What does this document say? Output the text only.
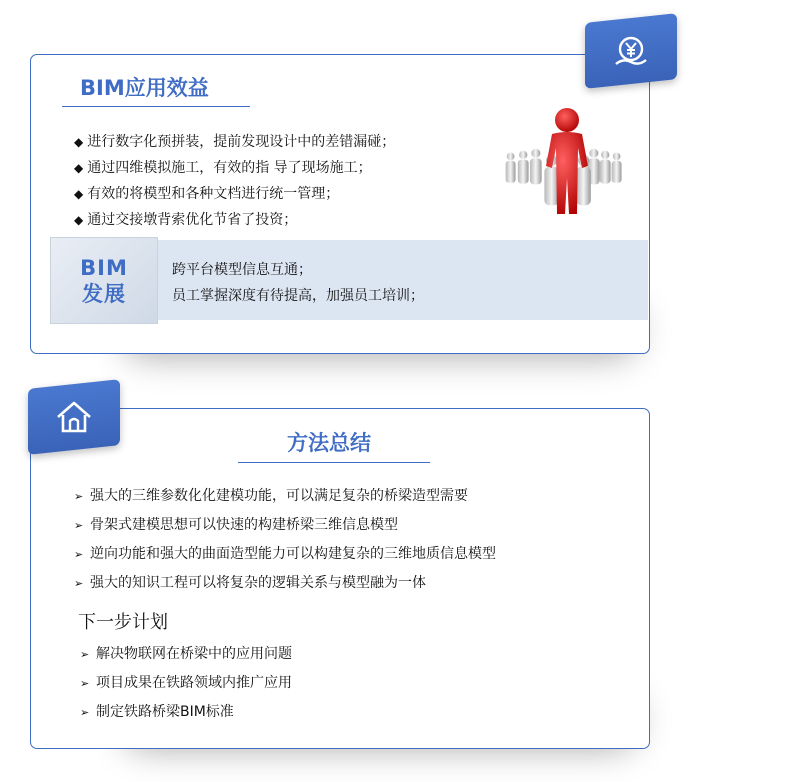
BIM应用效益
◆ 进行数字化预拼装，提前发现设计中的差错漏碰；
◆ 通过四维模拟施工，有效的指 导了现场施工；
◆ 有效的将模型和各种文档进行统一管理；
◆ 通过交接墩背索优化节省了投资；
BIM
发展
跨平台模型信息互通；
员工掌握深度有待提高，加强员工培训；
方法总结
➢ 强大的三维参数化化建模功能，可以满足复杂的桥梁造型需要
➢ 骨架式建模思想可以快速的构建桥梁三维信息模型
➢ 逆向功能和强大的曲面造型能力可以构建复杂的三维地质信息模型
➢ 强大的知识工程可以将复杂的逻辑关系与模型融为一体
下一步计划
➢ 解决物联网在桥梁中的应用问题
➢ 项目成果在铁路领域内推广应用
➢ 制定铁路桥梁BIM标准
